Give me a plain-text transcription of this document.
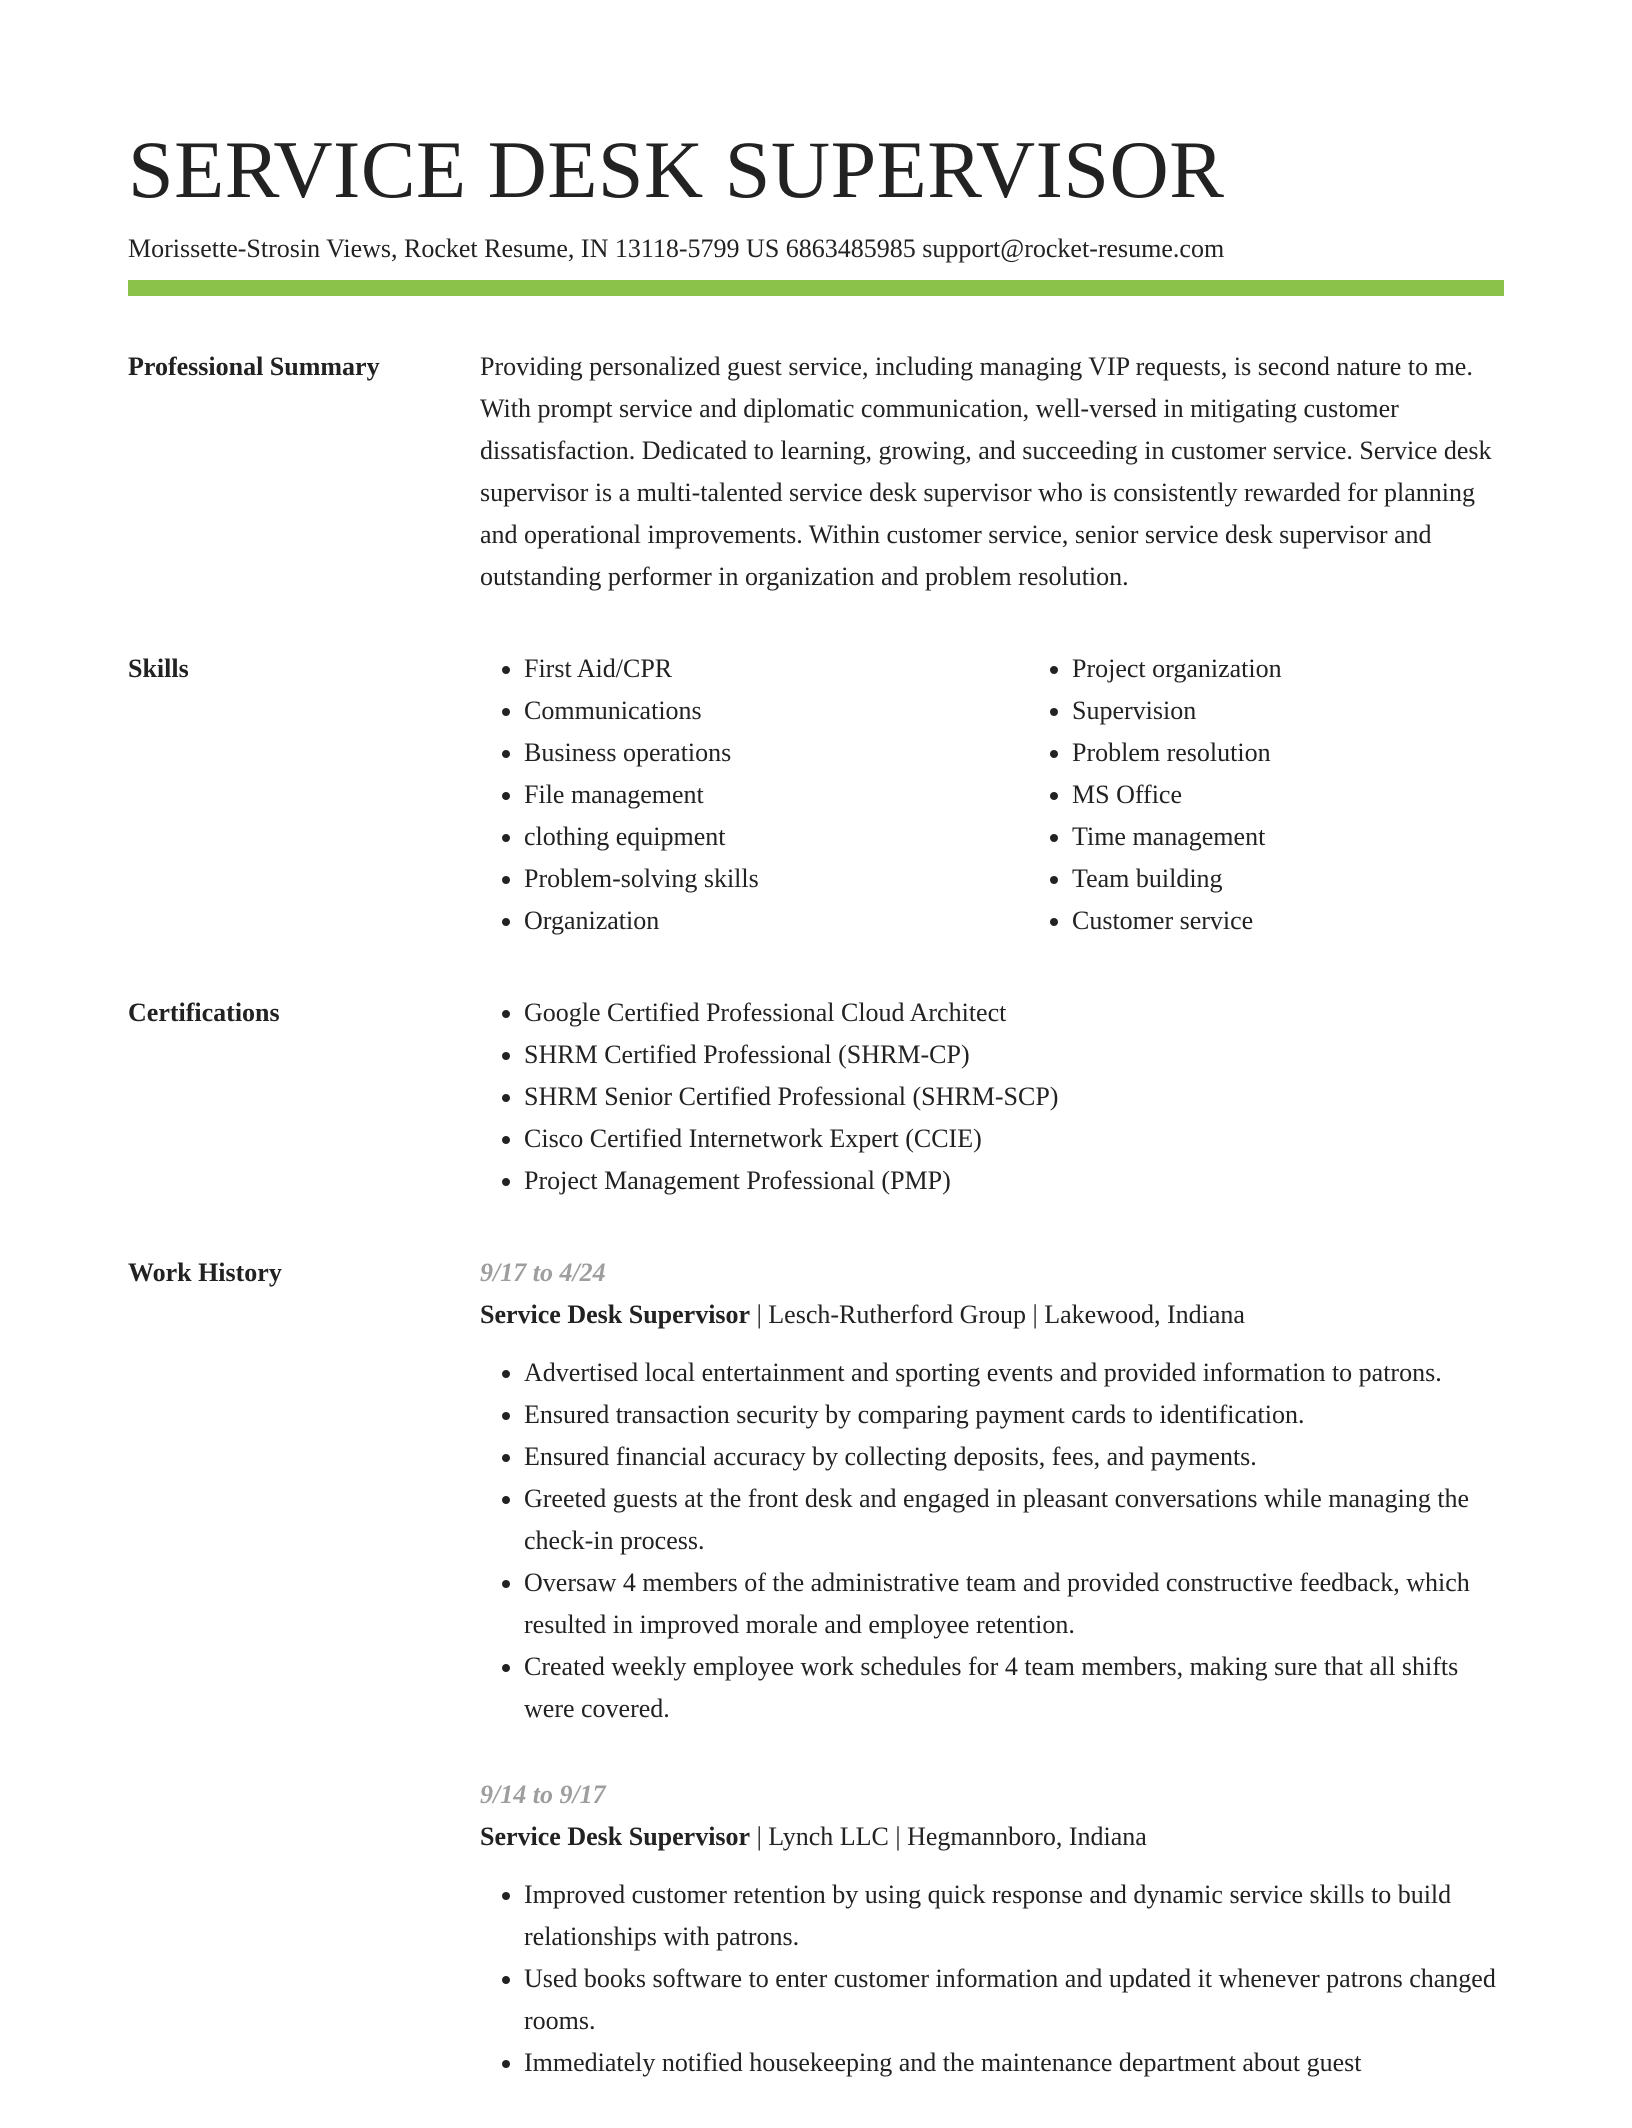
SERVICE DESK SUPERVISOR
Morissette-Strosin Views, Rocket Resume, IN 13118-5799 US 6863485985 support@rocket-resume.com
Professional Summary	Providing personalized guest service, including managing VIP requests, is second nature to me. With prompt service and diplomatic communication, well-versed in mitigating customer dissatisfaction. Dedicated to learning, growing, and succeeding in customer service. Service desk supervisor is a multi-talented service desk supervisor who is consistently rewarded for planning and operational improvements. Within customer service, senior service desk supervisor and outstanding performer in organization and problem resolution.

Skills	• First Aid/CPR
• Communications
• Business operations
• File management
• clothing equipment
• Problem-solving skills
• Organization
• Project organization
• Supervision
• Problem resolution
• MS Office
• Time management
• Team building
• Customer service
Certifications	• Google Certified Professional Cloud Architect
• SHRM Certified Professional (SHRM-CP)
• SHRM Senior Certified Professional (SHRM-SCP)
• Cisco Certified Internetwork Expert (CCIE)
• Project Management Professional (PMP)
Work History	9/17 to 4/24
Service Desk Supervisor | Lesch-Rutherford Group | Lakewood, Indiana
• Advertised local entertainment and sporting events and provided information to patrons.
• Ensured transaction security by comparing payment cards to identification.
• Ensured financial accuracy by collecting deposits, fees, and payments.
• Greeted guests at the front desk and engaged in pleasant conversations while managing the check-in process.
• Oversaw 4 members of the administrative team and provided constructive feedback, which resulted in improved morale and employee retention.
• Created weekly employee work schedules for 4 team members, making sure that all shifts were covered.
9/14 to 9/17
Service Desk Supervisor | Lynch LLC | Hegmannboro, Indiana
• Improved customer retention by using quick response and dynamic service skills to build relationships with patrons.
• Used books software to enter customer information and updated it whenever patrons changed rooms.
• Immediately notified housekeeping and the maintenance department about guest
